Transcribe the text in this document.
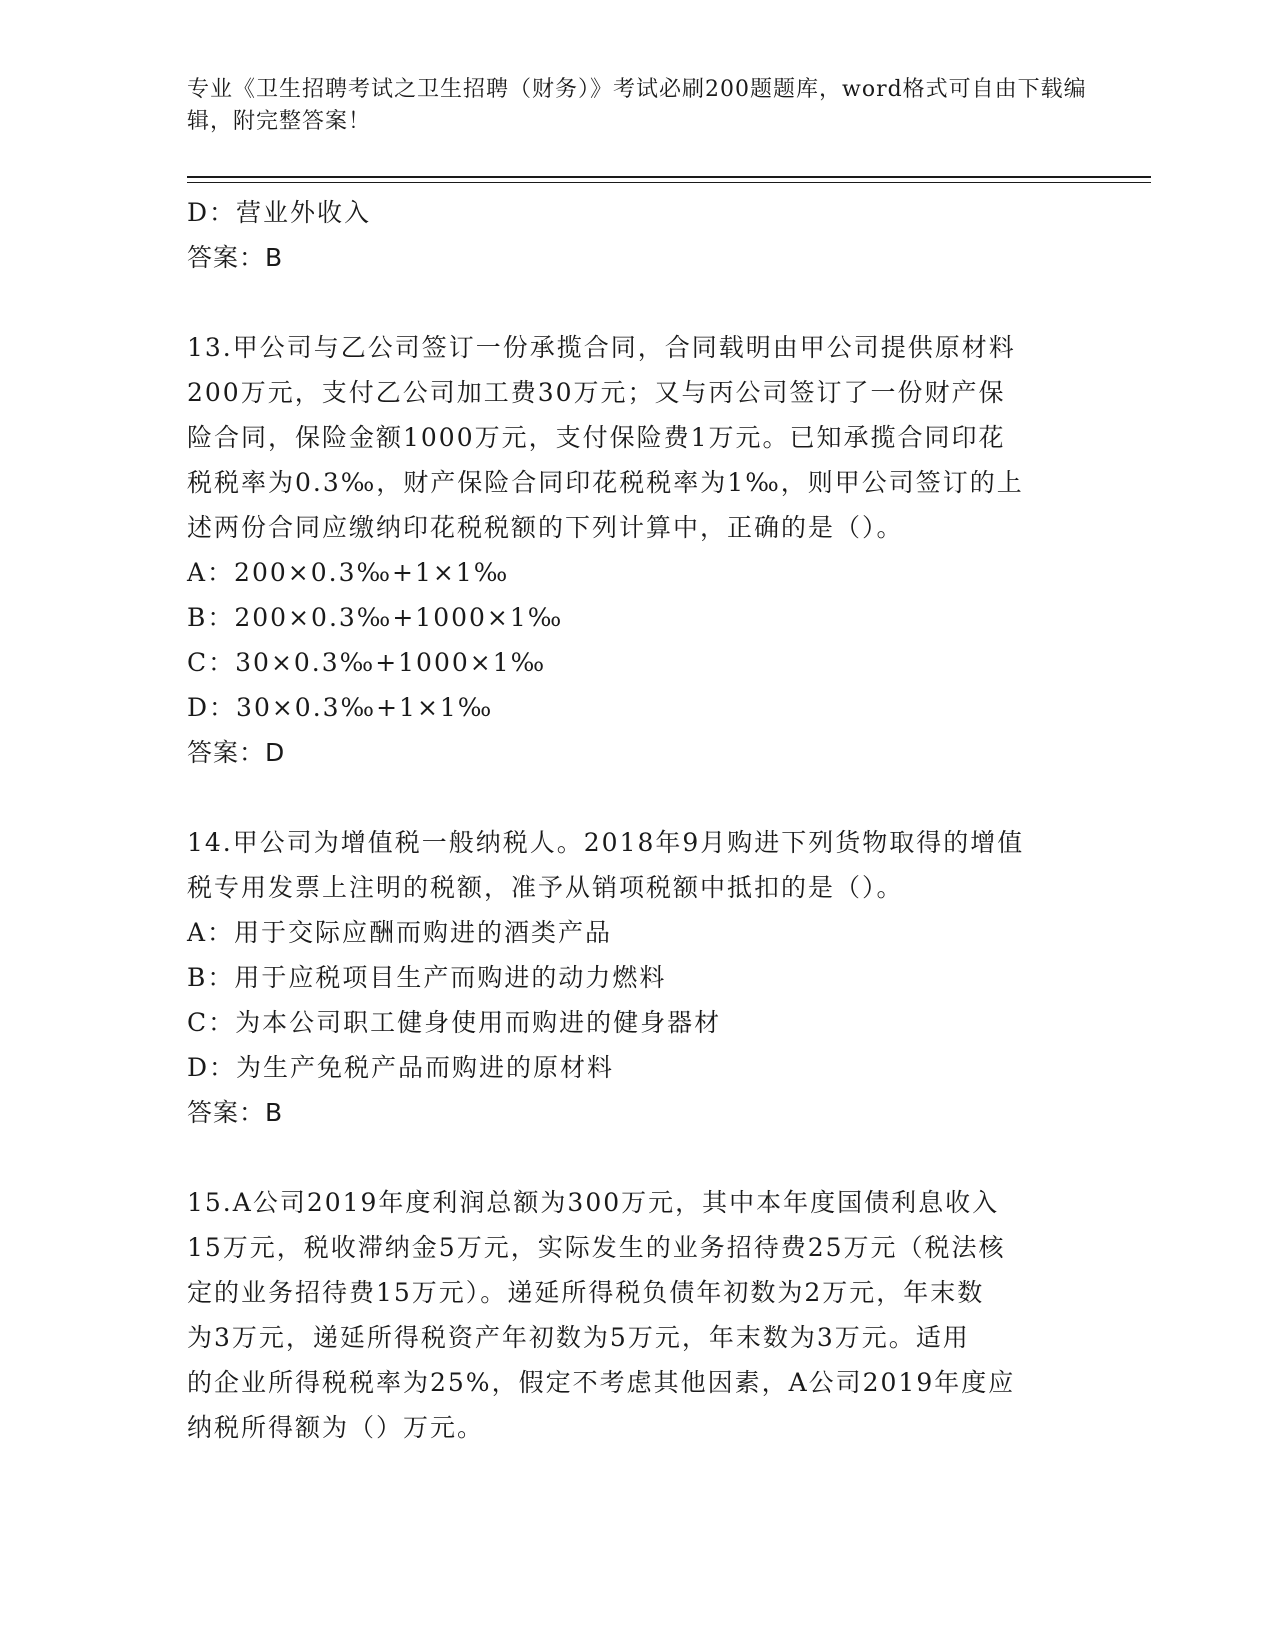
专业《卫生招聘考试之卫生招聘（财务）》考试必刷200题题库，word格式可自由下载编辑，附完整答案！
D：营业外收入
答案：B
13.甲公司与乙公司签订一份承揽合同，合同载明由甲公司提供原材料
200万元，支付乙公司加工费30万元；又与丙公司签订了一份财产保
险合同，保险金额1000万元，支付保险费1万元。已知承揽合同印花
税税率为0.3‰，财产保险合同印花税税率为1‰，则甲公司签订的上
述两份合同应缴纳印花税税额的下列计算中，正确的是（）。
A：200×0.3‰+1×1‰
B：200×0.3‰+1000×1‰
C：30×0.3‰+1000×1‰
D：30×0.3‰+1×1‰
答案：D
14.甲公司为增值税一般纳税人。2018年9月购进下列货物取得的增值
税专用发票上注明的税额，准予从销项税额中抵扣的是（）。
A：用于交际应酬而购进的酒类产品
B：用于应税项目生产而购进的动力燃料
C：为本公司职工健身使用而购进的健身器材
D：为生产免税产品而购进的原材料
答案：B
15.A公司2019年度利润总额为300万元，其中本年度国债利息收入
15万元，税收滞纳金5万元，实际发生的业务招待费25万元（税法核
定的业务招待费15万元）。递延所得税负债年初数为2万元，年末数
为3万元，递延所得税资产年初数为5万元，年末数为3万元。适用
的企业所得税税率为25%，假定不考虑其他因素，A公司2019年度应
纳税所得额为（）万元。
